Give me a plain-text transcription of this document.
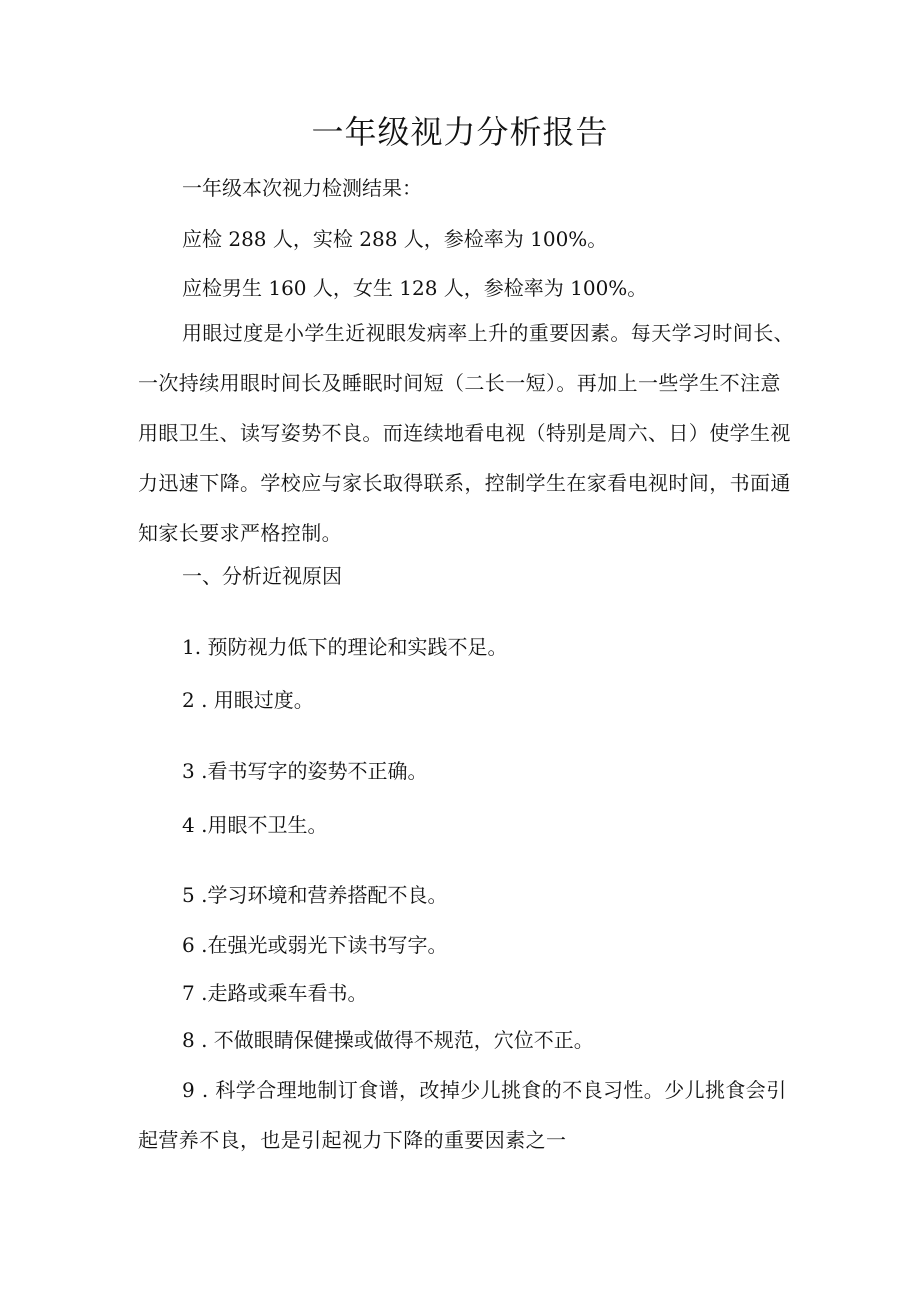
一年级视力分析报告

一年级本次视力检测结果：

应检 288 人，实检 288 人，参检率为 100%。

应检男生 160 人，女生 128 人，参检率为 100%。

用眼过度是小学生近视眼发病率上升的重要因素。每天学习时间长、一次持续用眼时间长及睡眠时间短（二长一短）。再加上一些学生不注意用眼卫生、读写姿势不良。而连续地看电视（特别是周六、日）使学生视力迅速下降。学校应与家长取得联系，控制学生在家看电视时间，书面通知家长要求严格控制。

一、分析近视原因

1. 预防视力低下的理论和实践不足。

2 . 用眼过度。

3 .看书写字的姿势不正确。

4 .用眼不卫生。

5 .学习环境和营养搭配不良。

6 .在强光或弱光下读书写字。

7 .走路或乘车看书。

8 . 不做眼睛保健操或做得不规范，穴位不正。

9 . 科学合理地制订食谱，改掉少儿挑食的不良习性。少儿挑食会引起营养不良，也是引起视力下降的重要因素之一
